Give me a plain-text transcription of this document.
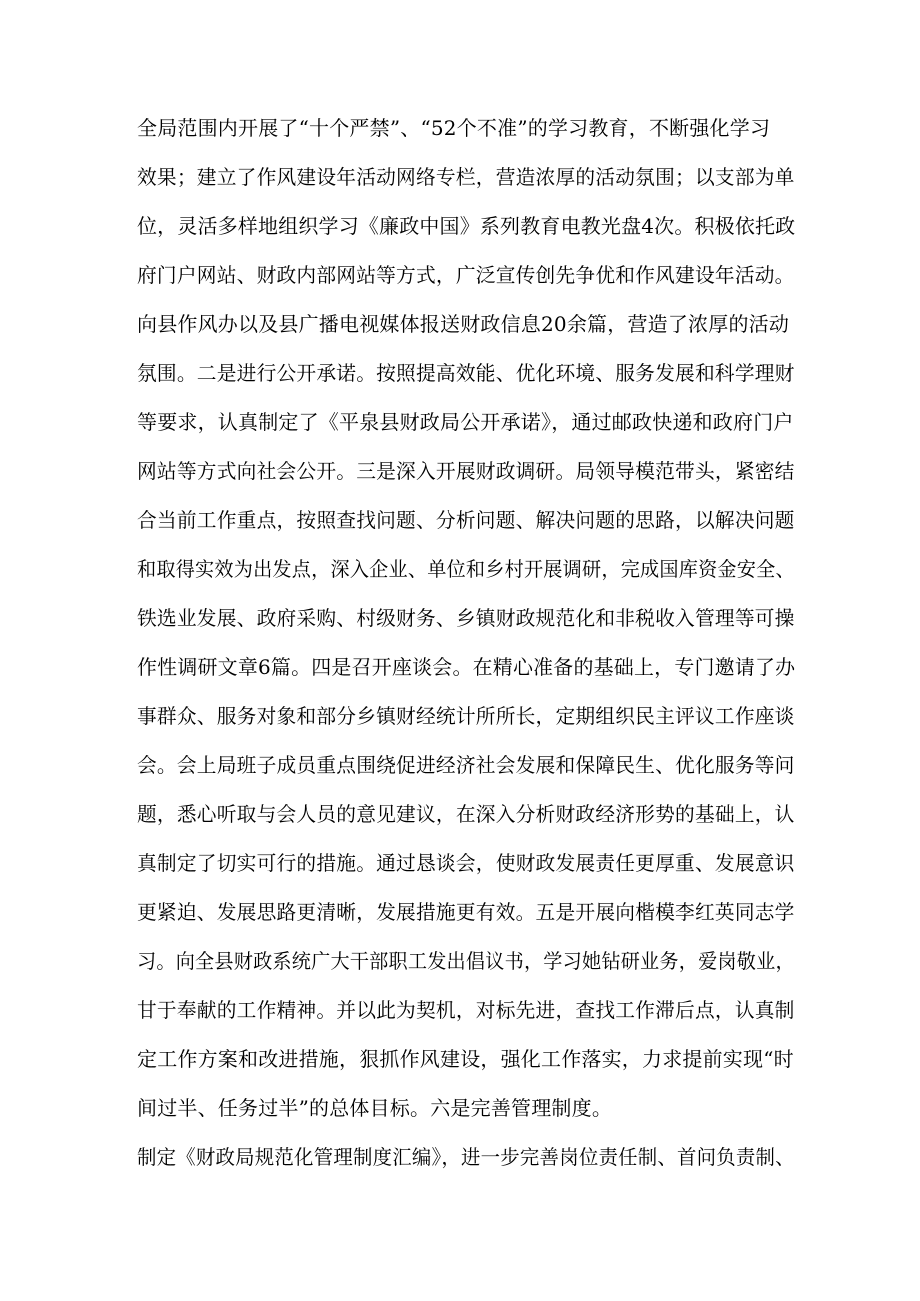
全局范围内开展了“十个严禁”、“52个不准”的学习教育，不断强化学习
效果；建立了作风建设年活动网络专栏，营造浓厚的活动氛围；以支部为单
位，灵活多样地组织学习《廉政中国》系列教育电教光盘4次。积极依托政
府门户网站、财政内部网站等方式，广泛宣传创先争优和作风建设年活动。
向县作风办以及县广播电视媒体报送财政信息20余篇，营造了浓厚的活动
氛围。二是进行公开承诺。按照提高效能、优化环境、服务发展和科学理财
等要求，认真制定了《平泉县财政局公开承诺》，通过邮政快递和政府门户
网站等方式向社会公开。三是深入开展财政调研。局领导模范带头，紧密结
合当前工作重点，按照查找问题、分析问题、解决问题的思路，以解决问题
和取得实效为出发点，深入企业、单位和乡村开展调研，完成国库资金安全、
铁选业发展、政府采购、村级财务、乡镇财政规范化和非税收入管理等可操
作性调研文章6篇。四是召开座谈会。在精心准备的基础上，专门邀请了办
事群众、服务对象和部分乡镇财经统计所所长，定期组织民主评议工作座谈
会。会上局班子成员重点围绕促进经济社会发展和保障民生、优化服务等问
题，悉心听取与会人员的意见建议，在深入分析财政经济形势的基础上，认
真制定了切实可行的措施。通过恳谈会，使财政发展责任更厚重、发展意识
更紧迫、发展思路更清晰，发展措施更有效。五是开展向楷模李红英同志学
习。向全县财政系统广大干部职工发出倡议书，学习她钻研业务，爱岗敬业，
甘于奉献的工作精神。并以此为契机，对标先进，查找工作滞后点，认真制
定工作方案和改进措施，狠抓作风建设，强化工作落实，力求提前实现“时
间过半、任务过半”的总体目标。六是完善管理制度。
制定《财政局规范化管理制度汇编》，进一步完善岗位责任制、首问负责制、
